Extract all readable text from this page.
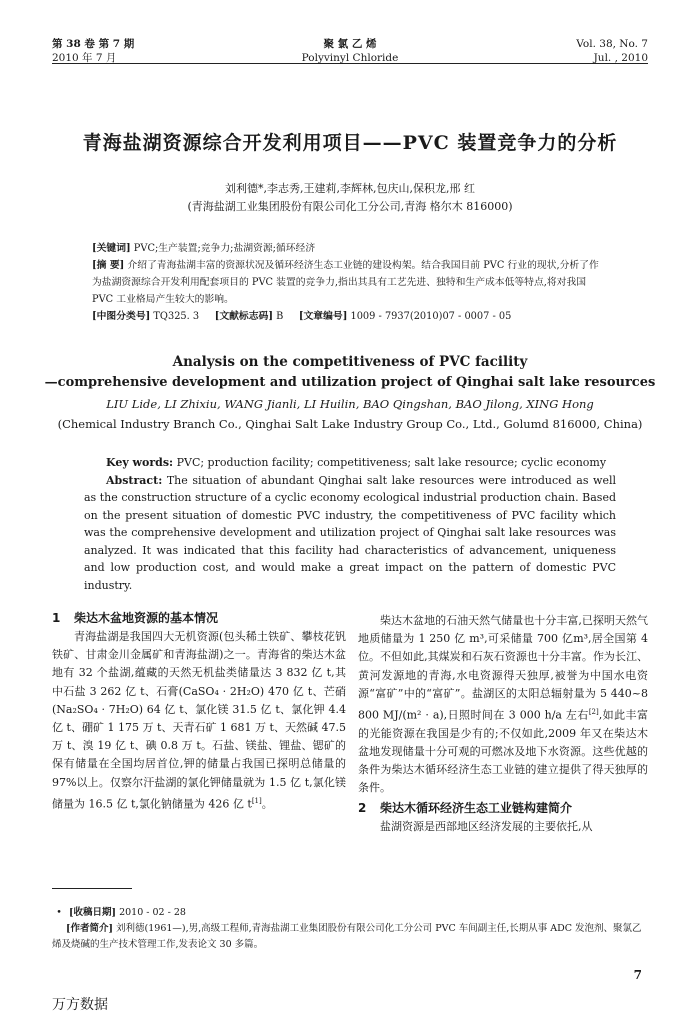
第 38 卷 第 7 期
2010 年 7 月
聚 氯 乙 烯
Polyvinyl Chloride
Vol. 38, No. 7
Jul. , 2010
青海盐湖资源综合开发利用项目——PVC 装置竞争力的分析
刘利德*,李志秀,王建莉,李辉林,包庆山,保积龙,邢 红
(青海盐湖工业集团股份有限公司化工分公司,青海 格尔木 816000)

[关键词] PVC;生产装置;竞争力;盐湖资源;循环经济

[摘 要] 介绍了青海盐湖丰富的资源状况及循环经济生态工业链的建设构架。结合我国目前 PVC 行业的现状,分析了作为盐湖资源综合开发利用配套项目的 PVC 装置的竞争力,指出其具有工艺先进、独特和生产成本低等特点,将对我国 PVC 工业格局产生较大的影响。

[中图分类号] TQ325. 3 [文献标志码] B [文章编号] 1009 - 7937(2010)07 - 0007 - 05

Analysis on the competitiveness of PVC facility
—comprehensive development and utilization project of Qinghai salt lake resources
LIU Lide, LI Zhixiu, WANG Jianli, LI Huilin, BAO Qingshan, BAO Jilong, XING Hong
(Chemical Industry Branch Co., Qinghai Salt Lake Industry Group Co., Ltd., Golumd 816000, China)

Key words: PVC; production facility; competitiveness; salt lake resource; cyclic economy

Abstract: The situation of abundant Qinghai salt lake resources were introduced as well as the construction structure of a cyclic economy ecological industrial production chain. Based on the present situation of domestic PVC industry, the competitiveness of PVC facility which was the comprehensive development and utilization project of Qinghai salt lake resources was analyzed. It was indicated that this facility had characteristics of advancement, uniqueness and low production cost, and would make a great impact on the pattern of domestic PVC industry.

1 柴达木盆地资源的基本情况

青海盐湖是我国四大无机资源(包头稀土铁矿、攀枝花钒铁矿、甘肃金川金属矿和青海盐湖)之一。青海省的柴达木盆地有 32 个盐湖,蕴藏的天然无机盐类储量达 3 832 亿 t,其中石盐 3 262 亿 t、石膏(CaSO₄ · 2H₂O) 470 亿 t、芒硝(Na₂SO₄ · 7H₂O) 64 亿 t、氯化镁 31.5 亿 t、氯化钾 4.4 亿 t、硼矿 1 175 万 t、天青石矿 1 681 万 t、天然碱 47.5 万 t、溴 19 亿 t、碘 0.8 万 t。石盐、镁盐、锂盐、锶矿的保有储量在全国均居首位,钾的储量占我国已探明总储量的 97%以上。仅察尔汗盐湖的氯化钾储量就为 1.5 亿 t,氯化镁储量为 16.5 亿 t,氯化钠储量为 426 亿 t[1]。

柴达木盆地的石油天然气储量也十分丰富,已探明天然气地质储量为 1 250 亿 m³,可采储量 700 亿m³,居全国第 4 位。不但如此,其煤炭和石灰石资源也十分丰富。作为长江、黄河发源地的青海,水电资源得天独厚,被誉为中国水电资源“富矿”中的“富矿”。盐湖区的太阳总辐射量为 5 440~8 800 MJ/(m² · a),日照时间在 3 000 h/a 左右[2],如此丰富的光能资源在我国是少有的;不仅如此,2009 年又在柴达木盆地发现储量十分可观的可燃冰及地下水资源。这些优越的条件为柴达木循环经济生态工业链的建立提供了得天独厚的条件。

2 柴达木循环经济生态工业链构建简介

盐湖资源是西部地区经济发展的主要依托,从

• [收稿日期] 2010 - 02 - 28

[作者简介] 刘利德(1961—),男,高级工程师,青海盐湖工业集团股份有限公司化工分公司 PVC 车间副主任,长期从事 ADC 发泡剂、聚氯乙烯及烧碱的生产技术管理工作,发表论文 30 多篇。

7
万方数据
